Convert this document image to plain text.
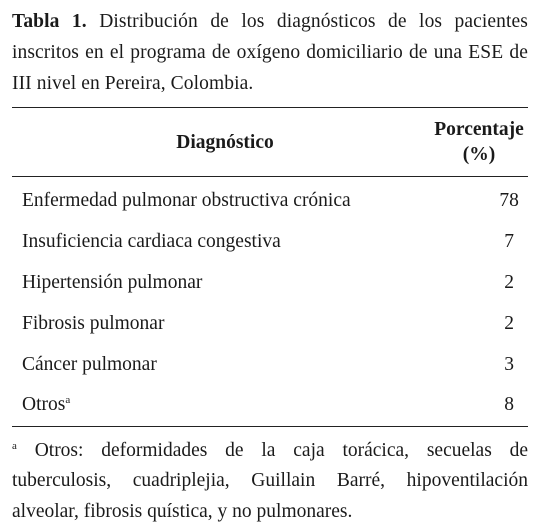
Tabla 1. Distribución de los diagnósticos de los pacientes inscritos en el programa de oxígeno domiciliario de una ESE de III nivel en Pereira, Colombia.

Diagnóstico	Porcentaje
(%)
Enfermedad pulmonar obstructiva crónica	78
Insuficiencia cardiaca congestiva	7
Hipertensión pulmonar	2
Fibrosis pulmonar	2
Cáncer pulmonar	3
Otros$^a$	8

$^a$ Otros: deformidades de la caja torácica, secuelas de tuberculosis, cuadriplejia, Guillain Barré, hipoventilación alveolar, fibrosis quística, y no pulmonares.
